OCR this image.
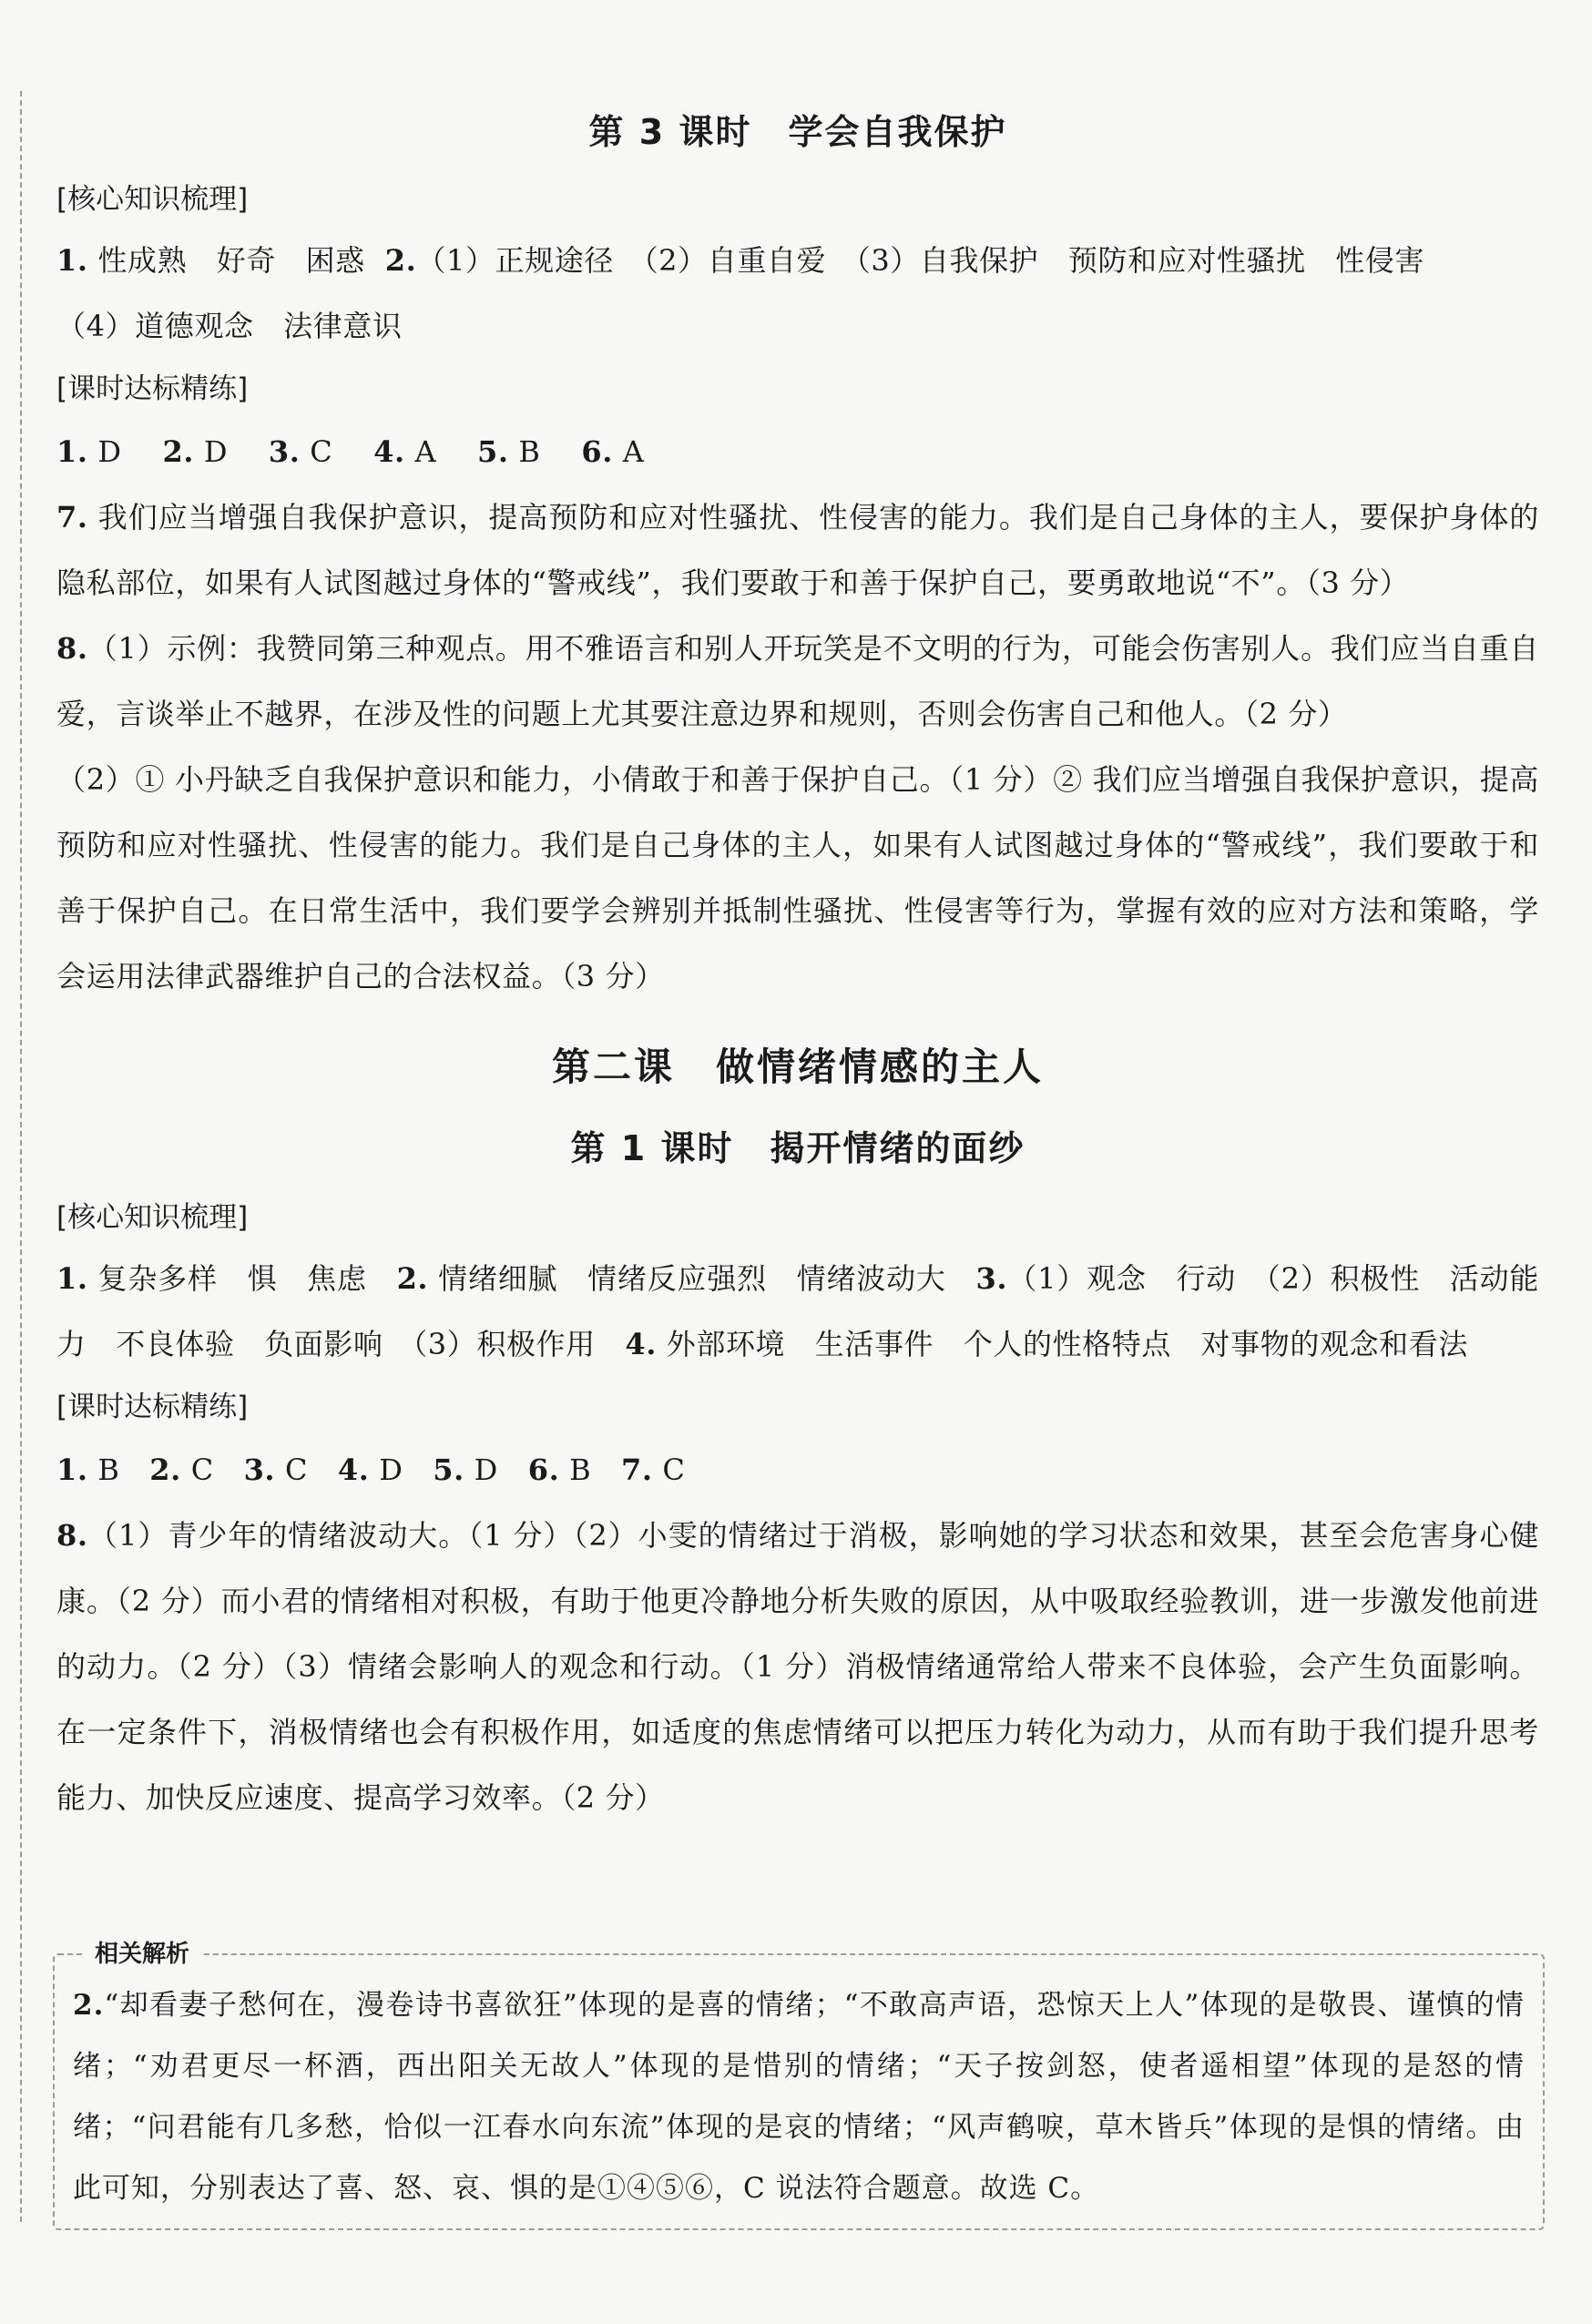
第 3 课时　学会自我保护
[核心知识梳理]
1. 性成熟　好奇　困惑 2.（1）正规途径　（2）自重自爱　（3）自我保护　预防和应对性骚扰　性侵害
（4）道德观念　法律意识
[课时达标精练]
1. D 2. D 3. C 4. A 5. B 6. A
7. 我们应当增强自我保护意识，提高预防和应对性骚扰、性侵害的能力。我们是自己身体的主人，要保护身体的隐私部位，如果有人试图越过身体的“警戒线”，我们要敢于和善于保护自己，要勇敢地说“不”。（3 分）
8.（1）示例：我赞同第三种观点。用不雅语言和别人开玩笑是不文明的行为，可能会伤害别人。我们应当自重自爱，言谈举止不越界，在涉及性的问题上尤其要注意边界和规则，否则会伤害自己和他人。（2 分）
（2）① 小丹缺乏自我保护意识和能力，小倩敢于和善于保护自己。（1 分）② 我们应当增强自我保护意识，提高预防和应对性骚扰、性侵害的能力。我们是自己身体的主人，如果有人试图越过身体的“警戒线”，我们要敢于和善于保护自己。在日常生活中，我们要学会辨别并抵制性骚扰、性侵害等行为，掌握有效的应对方法和策略，学会运用法律武器维护自己的合法权益。（3 分）
第二课　做情绪情感的主人
第 1 课时　揭开情绪的面纱
[核心知识梳理]
1. 复杂多样　惧　焦虑　2. 情绪细腻　情绪反应强烈　情绪波动大　3.（1）观念　行动　（2）积极性　活动能力　不良体验　负面影响　（3）积极作用　4. 外部环境　生活事件　个人的性格特点　对事物的观念和看法
[课时达标精练]
1. B 2. C 3. C 4. D 5. D 6. B 7. C
8.（1）青少年的情绪波动大。（1 分）（2）小雯的情绪过于消极，影响她的学习状态和效果，甚至会危害身心健康。（2 分）而小君的情绪相对积极，有助于他更冷静地分析失败的原因，从中吸取经验教训，进一步激发他前进的动力。（2 分）（3）情绪会影响人的观念和行动。（1 分）消极情绪通常给人带来不良体验，会产生负面影响。在一定条件下，消极情绪也会有积极作用，如适度的焦虑情绪可以把压力转化为动力，从而有助于我们提升思考能力、加快反应速度、提高学习效率。（2 分）
相关解析
2.“却看妻子愁何在，漫卷诗书喜欲狂”体现的是喜的情绪；“不敢高声语，恐惊天上人”体现的是敬畏、谨慎的情绪；“劝君更尽一杯酒，西出阳关无故人”体现的是惜别的情绪；“天子按剑怒，使者遥相望”体现的是怒的情绪；“问君能有几多愁，恰似一江春水向东流”体现的是哀的情绪；“风声鹤唳，草木皆兵”体现的是惧的情绪。由此可知，分别表达了喜、怒、哀、惧的是①④⑤⑥，C 说法符合题意。故选 C。
